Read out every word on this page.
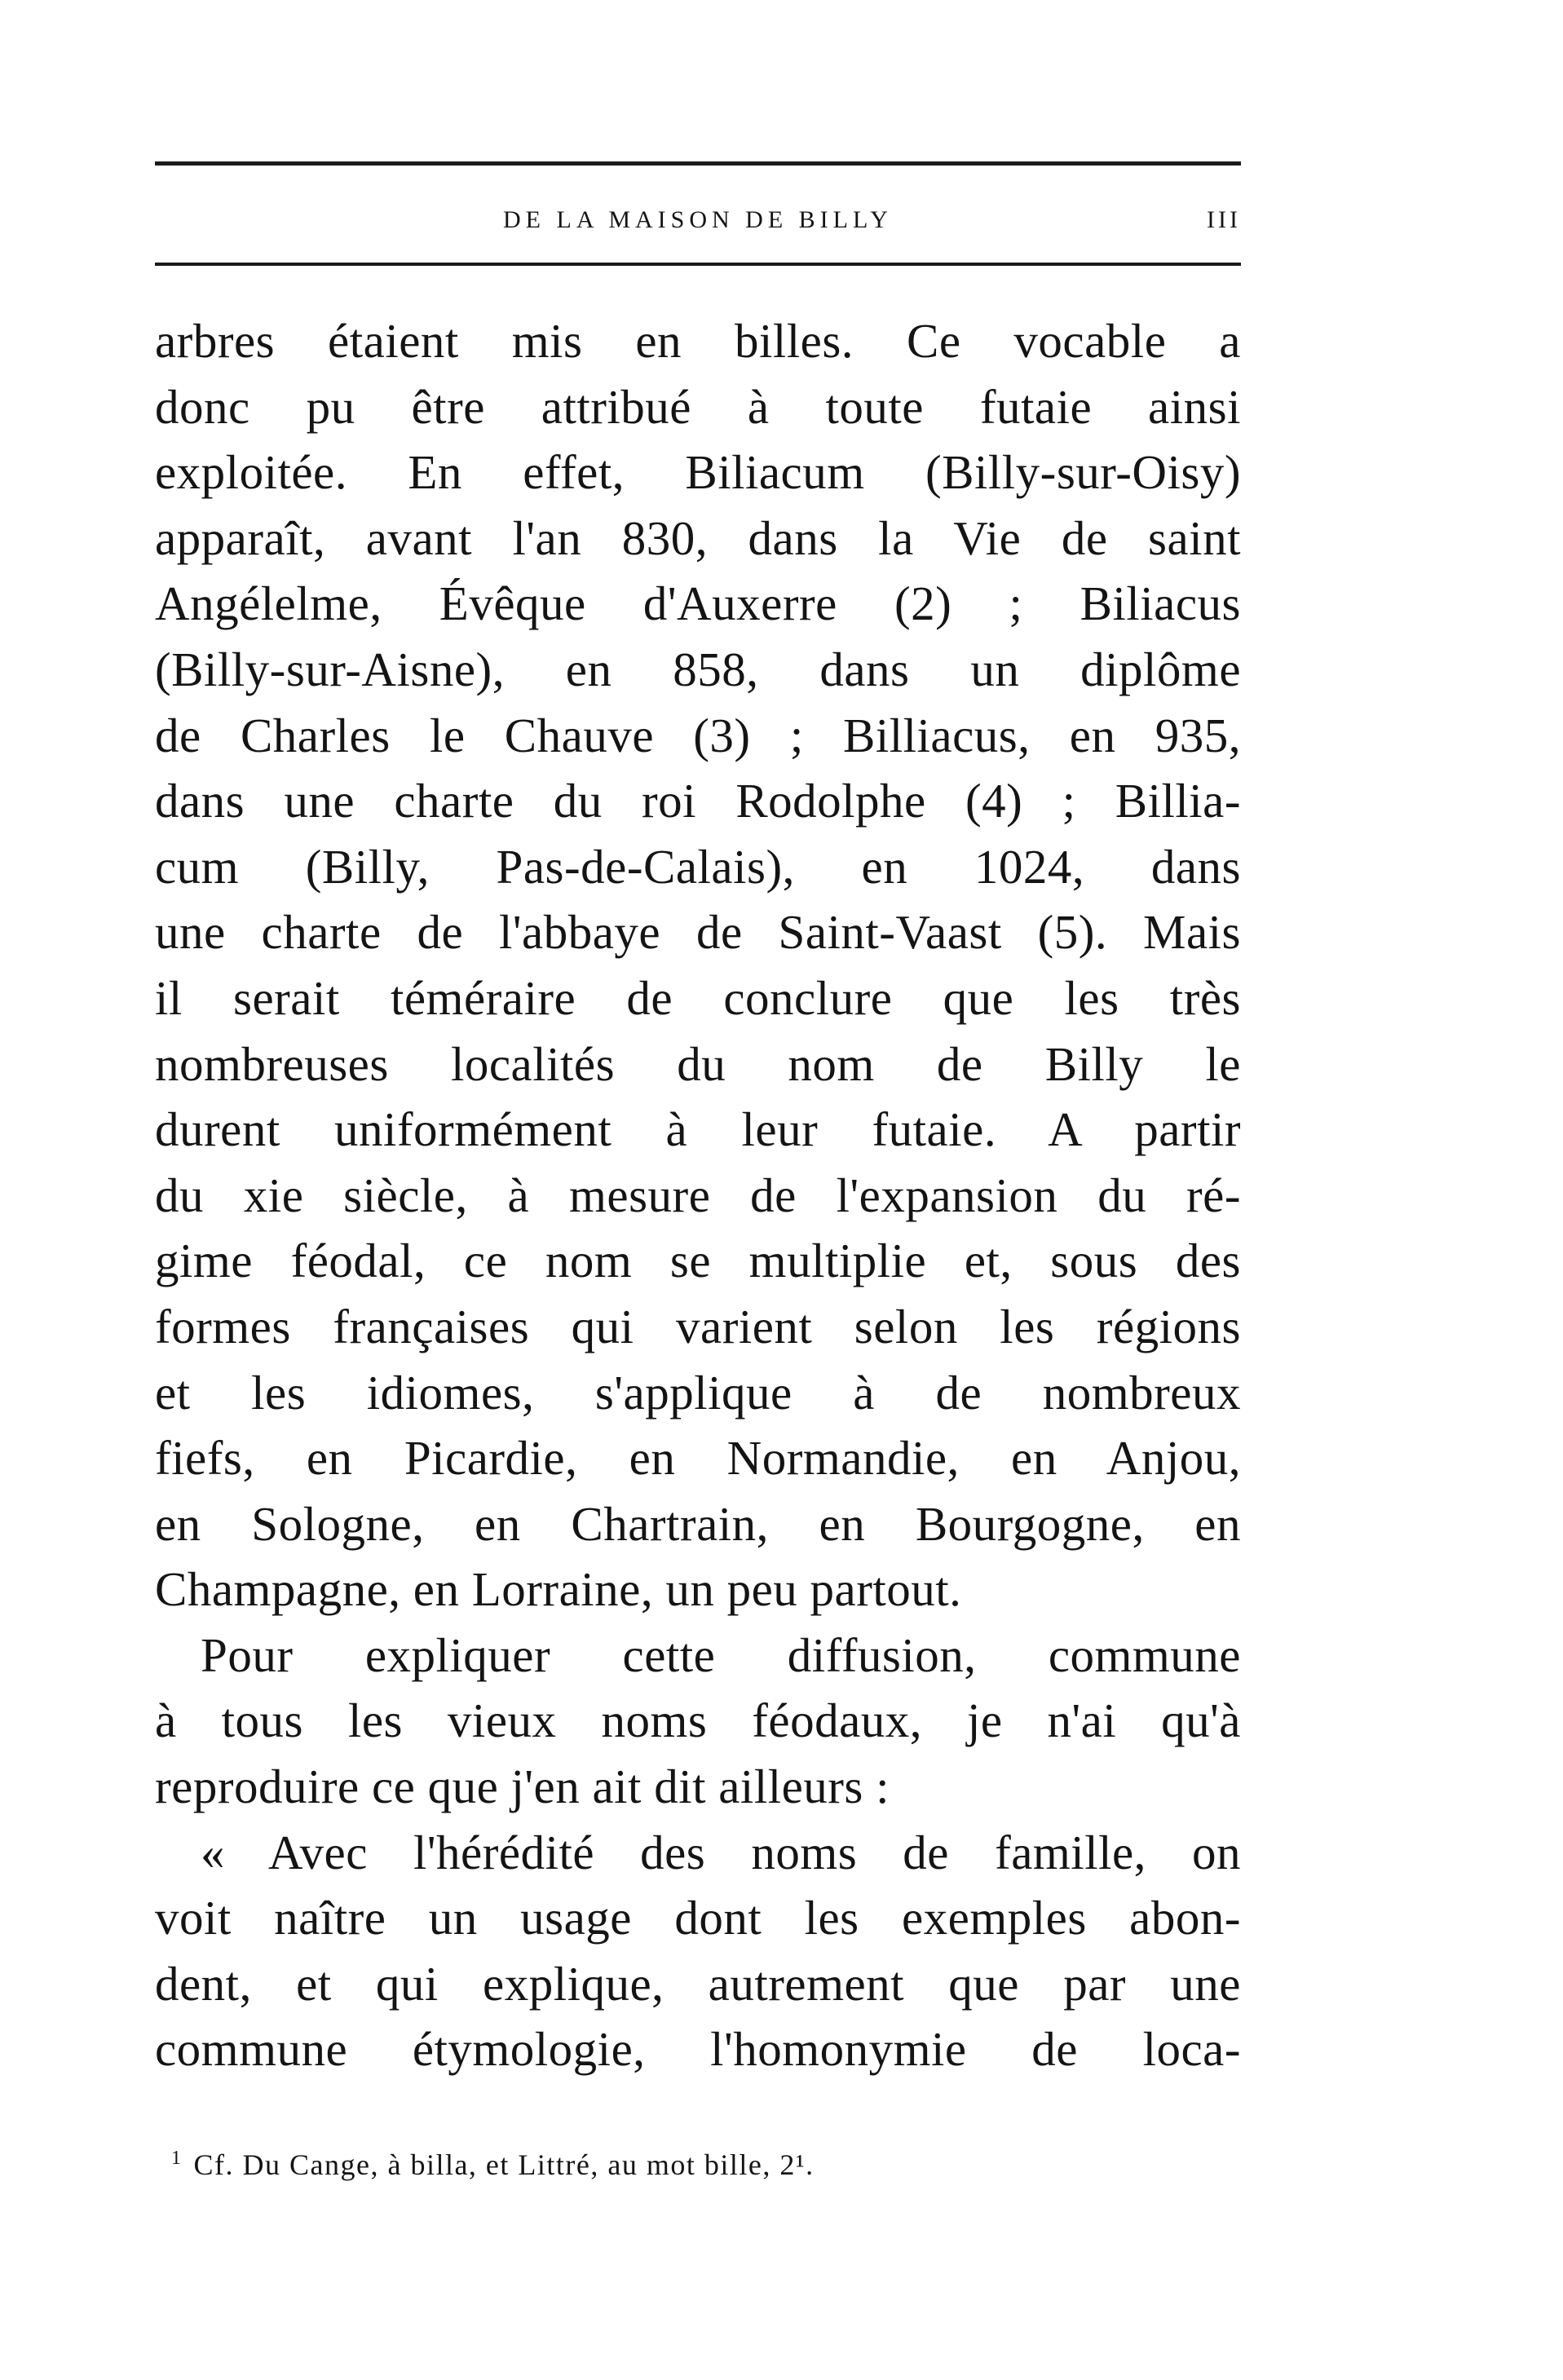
DE LA MAISON DE BILLY	III
arbres étaient mis en billes. Ce vocable a
donc pu être attribué à toute futaie ainsi
exploitée. En effet, Biliacum (Billy-sur-Oisy)
apparaît, avant l'an 830, dans la Vie de saint
Angélelme, Évêque d'Auxerre (2) ; Biliacus
(Billy-sur-Aisne), en 858, dans un diplôme
de Charles le Chauve (3) ; Billiacus, en 935,
dans une charte du roi Rodolphe (4) ; Billia-
cum (Billy, Pas-de-Calais), en 1024, dans
une charte de l'abbaye de Saint-Vaast (5). Mais
il serait téméraire de conclure que les très
nombreuses localités du nom de Billy le
durent uniformément à leur futaie. A partir
du xie siècle, à mesure de l'expansion du ré-
gime féodal, ce nom se multiplie et, sous des
formes françaises qui varient selon les régions
et les idiomes, s'applique à de nombreux
fiefs, en Picardie, en Normandie, en Anjou,
en Sologne, en Chartrain, en Bourgogne, en
Champagne, en Lorraine, un peu partout.
Pour expliquer cette diffusion, commune
à tous les vieux noms féodaux, je n'ai qu'à
reproduire ce que j'en ait dit ailleurs :
« Avec l'hérédité des noms de famille, on
voit naître un usage dont les exemples abon-
dent, et qui explique, autrement que par une
commune étymologie, l'homonymie de loca-
$^1$ Cf. Du Cange, à billa, et Littré, au mot bille, 2¹.
